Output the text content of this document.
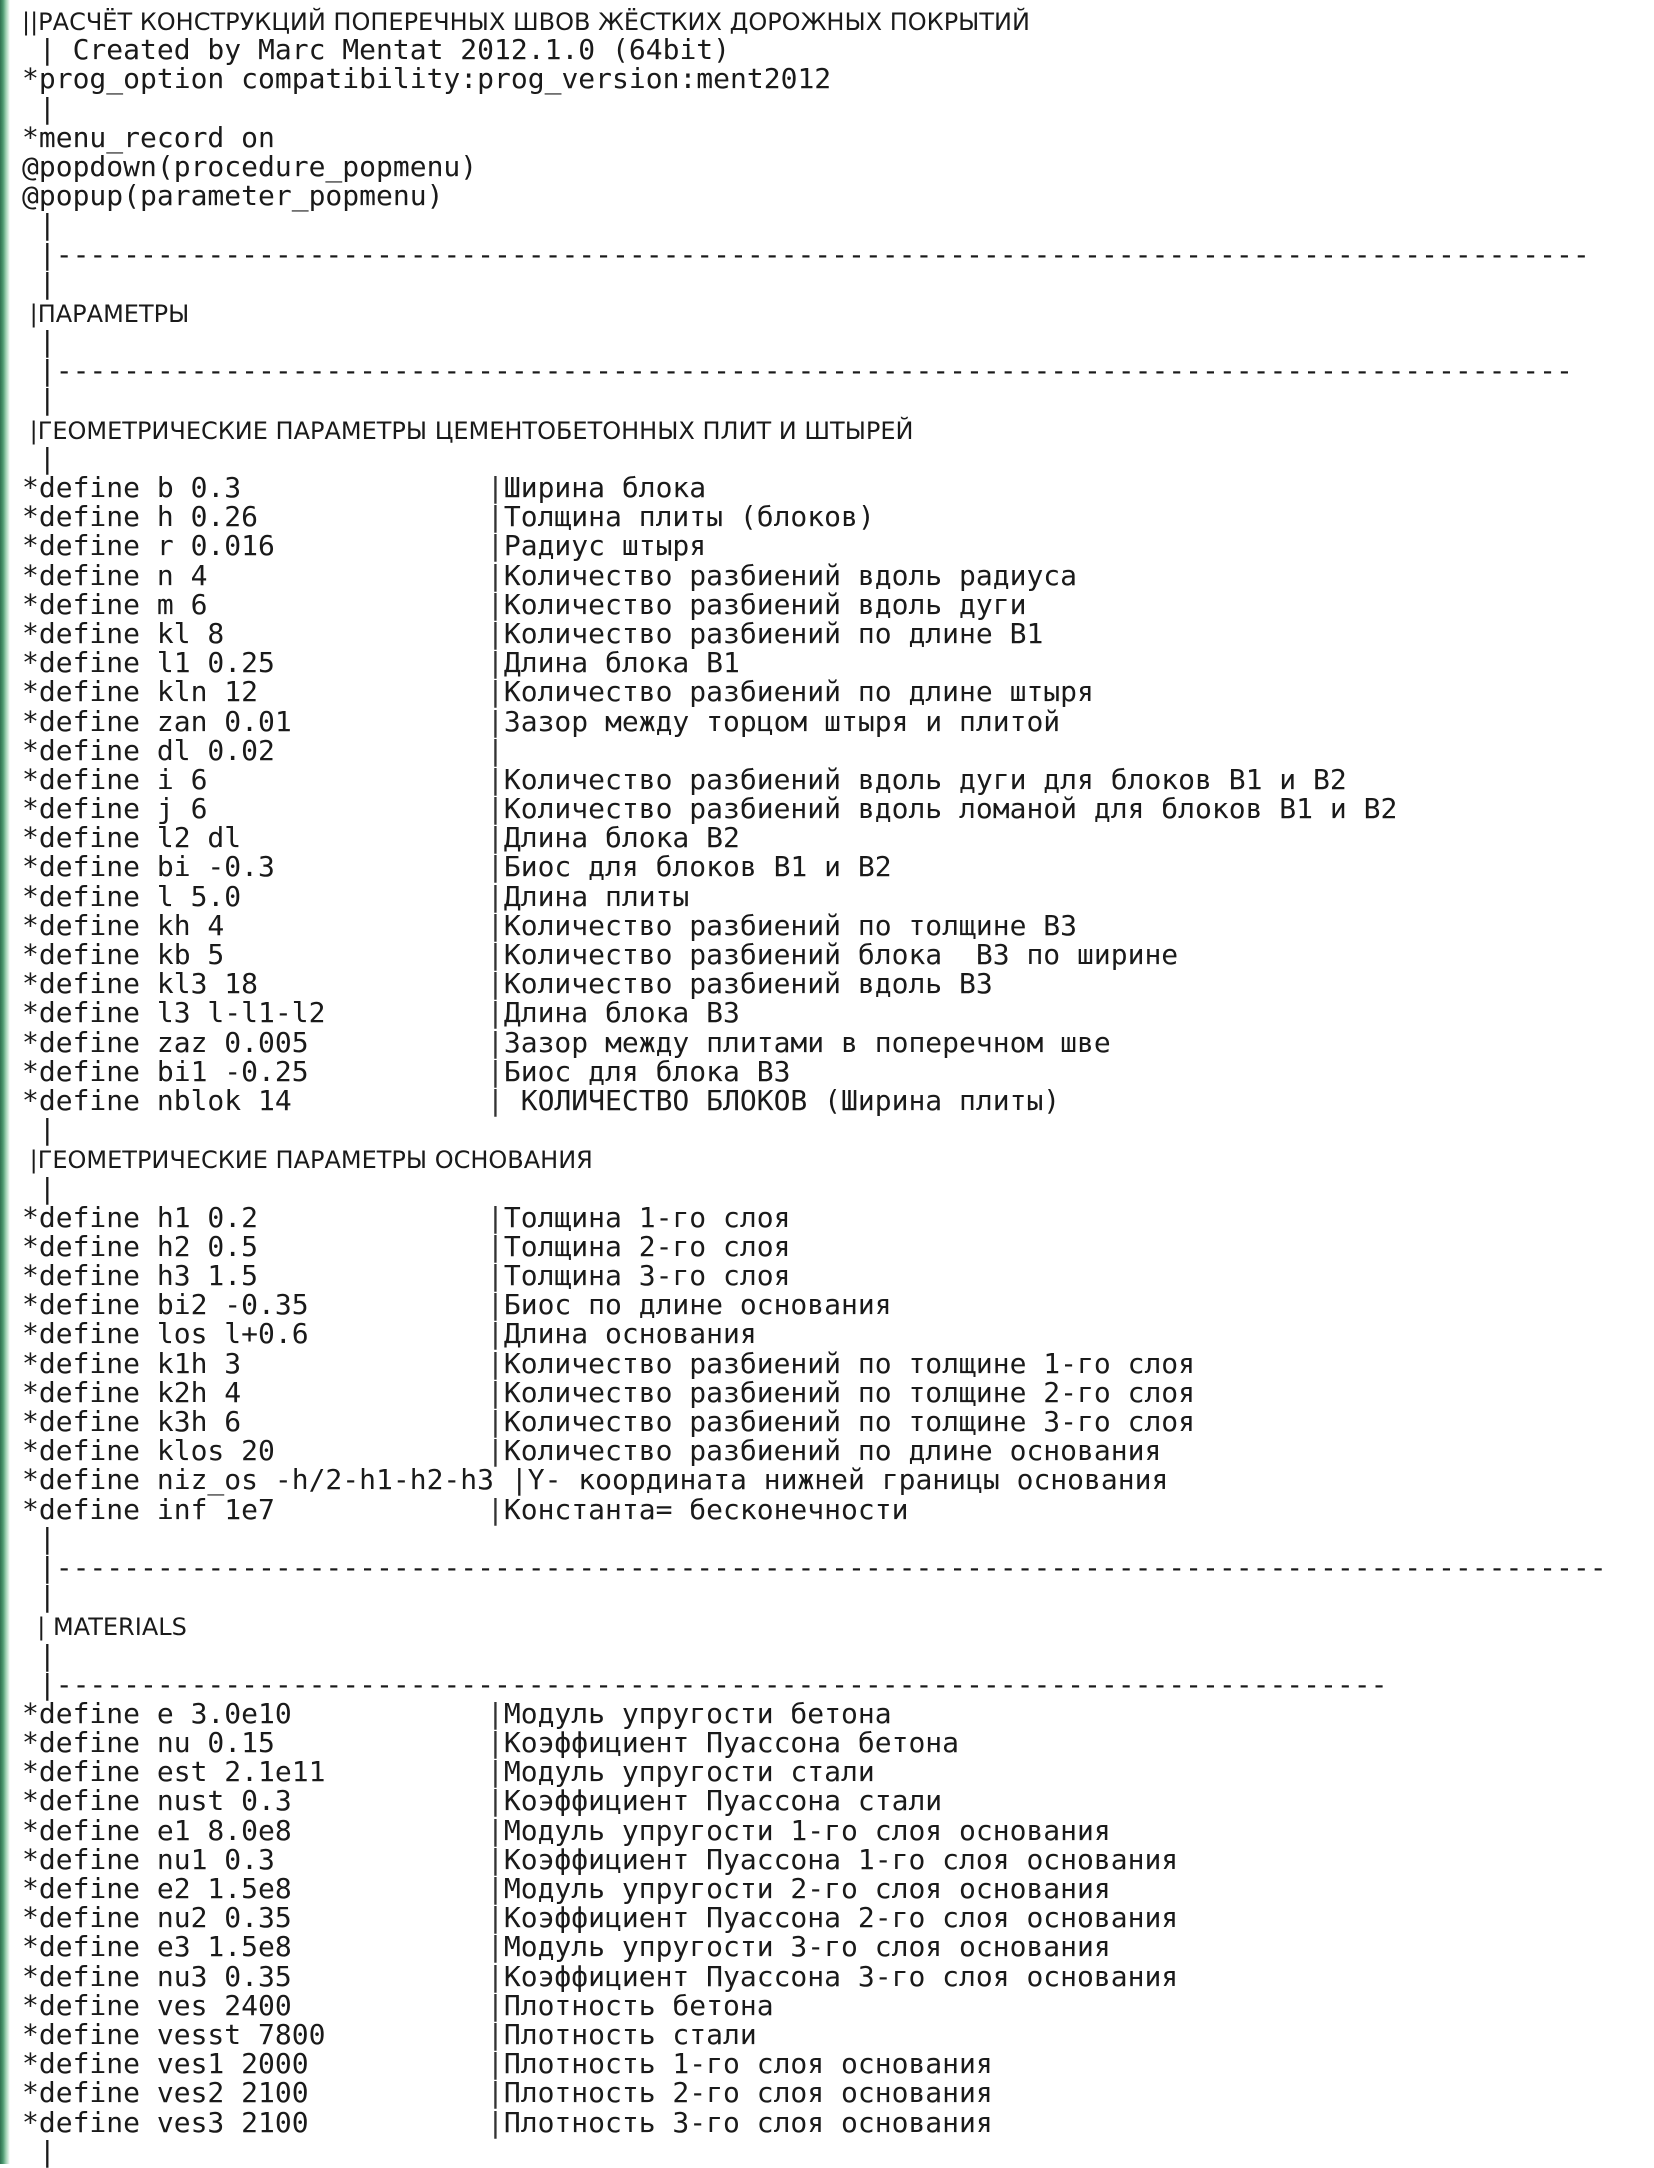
||РАСЧЁТ КОНСТРУКЦИЙ ПОПЕРЕЧНЫХ ШВОВ ЖЁСТКИХ ДОРОЖНЫХ ПОКРЫТИЙ
| Created by Marc Mentat 2012.1.0 (64bit)
*prog_option compatibility:prog_version:ment2012
|
*menu_record on
@popdown(procedure_popmenu)
@popup(parameter_popmenu)
|
|-------------------------------------------------------------------------------------------
|
|ПАРАМЕТРЫ
|
|------------------------------------------------------------------------------------------
|
|ГЕОМЕТРИЧЕСКИЕ ПАРАМЕТРЫ ЦЕМЕНТОБЕТОННЫХ ПЛИТ И ШТЫРЕЙ
|
*define b 0.3	|Ширина блока
*define h 0.26	|Толщина плиты (блоков)
*define r 0.016	|Радиус штыря
*define n 4	|Количество разбиений вдоль радиуса
*define m 6	|Количество разбиений вдоль дуги
*define kl 8	|Количество разбиений по длине B1
*define l1 0.25	|Длина блока B1
*define kln 12	|Количество разбиений по длине штыря
*define zan 0.01	|Зазор между торцом штыря и плитой
*define dl 0.02	|
*define i 6	|Количество разбиений вдоль дуги для блоков B1 и B2
*define j 6	|Количество разбиений вдоль ломаной для блоков B1 и B2
*define l2 dl	|Длина блока B2
*define bi -0.3	|Биос для блоков B1 и B2
*define l 5.0	|Длина плиты
*define kh 4	|Количество разбиений по толщине B3
*define kb 5	|Количество разбиений блока  B3 по ширине
*define kl3 18	|Количество разбиений вдоль B3
*define l3 l-l1-l2	|Длина блока B3
*define zaz 0.005	|Зазор между плитами в поперечном шве
*define bi1 -0.25	|Биос для блока B3
*define nblok 14	| КОЛИЧЕСТВО БЛОКОВ (Ширина плиты)
|
|ГЕОМЕТРИЧЕСКИЕ ПАРАМЕТРЫ ОСНОВАНИЯ
|
*define h1 0.2	|Толщина 1-го слоя
*define h2 0.5	|Толщина 2-го слоя
*define h3 1.5	|Толщина 3-го слоя
*define bi2 -0.35	|Биос по длине основания
*define los l+0.6	|Длина основания
*define k1h 3	|Количество разбиений по толщине 1-го слоя
*define k2h 4	|Количество разбиений по толщине 2-го слоя
*define k3h 6	|Количество разбиений по толщине 3-го слоя
*define klos 20	|Количество разбиений по длине основания
*define niz_os -h/2-h1-h2-h3 |Y- координата нижней границы основания
*define inf 1e7	|Константа= бесконечности
|
|--------------------------------------------------------------------------------------------
|
| MATERIALS
|
|-------------------------------------------------------------------------------
*define e 3.0e10	|Модуль упругости бетона
*define nu 0.15	|Коэффициент Пуассона бетона
*define est 2.1e11	|Модуль упругости стали
*define nust 0.3	|Коэффициент Пуассона стали
*define e1 8.0e8	|Модуль упругости 1-го слоя основания
*define nu1 0.3	|Коэффициент Пуассона 1-го слоя основания
*define e2 1.5e8	|Модуль упругости 2-го слоя основания
*define nu2 0.35	|Коэффициент Пуассона 2-го слоя основания
*define e3 1.5e8	|Модуль упругости 3-го слоя основания
*define nu3 0.35	|Коэффициент Пуассона 3-го слоя основания
*define ves 2400	|Плотность бетона
*define vesst 7800	|Плотность стали
*define ves1 2000	|Плотность 1-го слоя основания
*define ves2 2100	|Плотность 2-го слоя основания
*define ves3 2100	|Плотность 3-го слоя основания
|
